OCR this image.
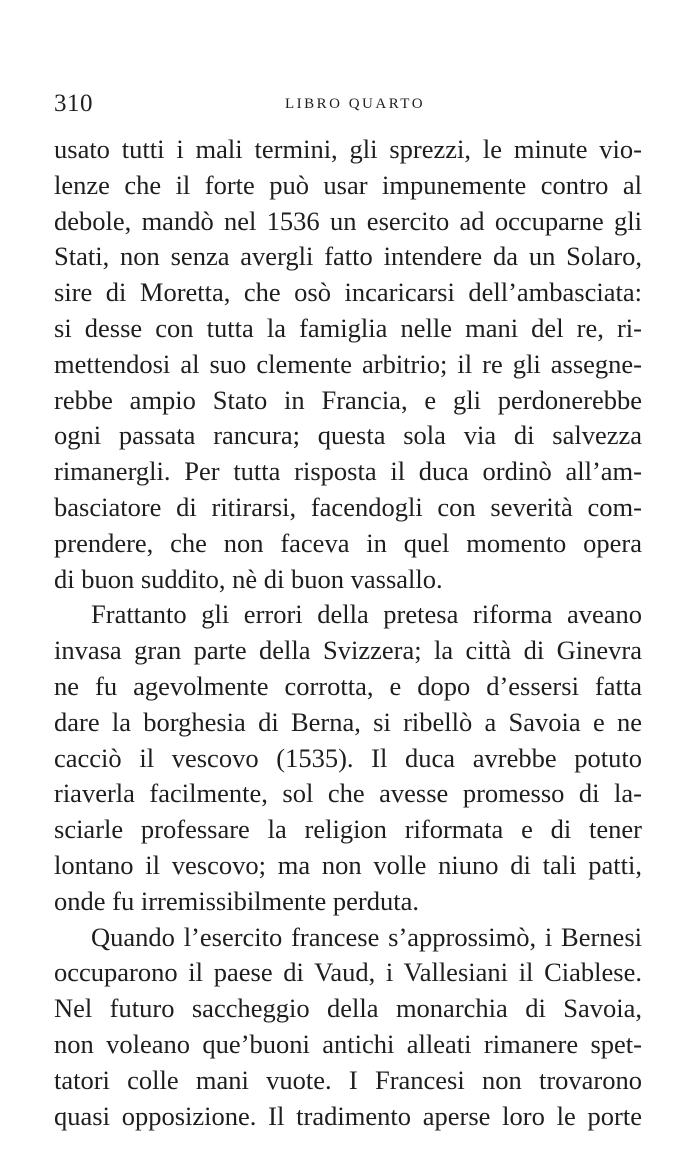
310	LIBRO QUARTO
usato tutti i mali termini, gli sprezzi, le minute vio-
lenze che il forte può usar impunemente contro al
debole, mandò nel 1536 un esercito ad occuparne gli
Stati, non senza avergli fatto intendere da un Solaro,
sire di Moretta, che osò incaricarsi dell’ambasciata:
si desse con tutta la famiglia nelle mani del re, ri-
mettendosi al suo clemente arbitrio; il re gli assegne-
rebbe ampio Stato in Francia, e gli perdonerebbe
ogni passata rancura; questa sola via di salvezza
rimanergli. Per tutta risposta il duca ordinò all’am-
basciatore di ritirarsi, facendogli con severità com-
prendere, che non faceva in quel momento opera
di buon suddito, nè di buon vassallo.
Frattanto gli errori della pretesa riforma aveano
invasa gran parte della Svizzera; la città di Ginevra
ne fu agevolmente corrotta, e dopo d’essersi fatta
dare la borghesia di Berna, si ribellò a Savoia e ne
cacciò il vescovo (1535). Il duca avrebbe potuto
riaverla facilmente, sol che avesse promesso di la-
sciarle professare la religion riformata e di tener
lontano il vescovo; ma non volle niuno di tali patti,
onde fu irremissibilmente perduta.
Quando l’esercito francese s’approssimò, i Bernesi
occuparono il paese di Vaud, i Vallesiani il Ciablese.
Nel futuro saccheggio della monarchia di Savoia,
non voleano que’buoni antichi alleati rimanere spet-
tatori colle mani vuote. I Francesi non trovarono
quasi opposizione. Il tradimento aperse loro le porte
